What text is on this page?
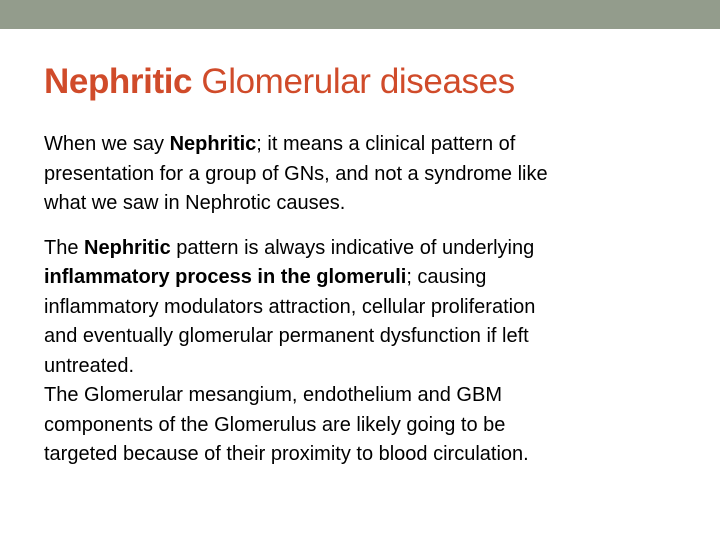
Nephritic Glomerular diseases

When we say Nephritic; it means a clinical pattern of
presentation for a group of GNs, and not a syndrome like
what we saw in Nephrotic causes.

The Nephritic pattern is always indicative of underlying
inflammatory process in the glomeruli; causing
inflammatory modulators attraction, cellular proliferation
and eventually glomerular permanent dysfunction if left
untreated.

The Glomerular mesangium, endothelium and GBM
components of the Glomerulus are likely going to be
targeted because of their proximity to blood circulation.
